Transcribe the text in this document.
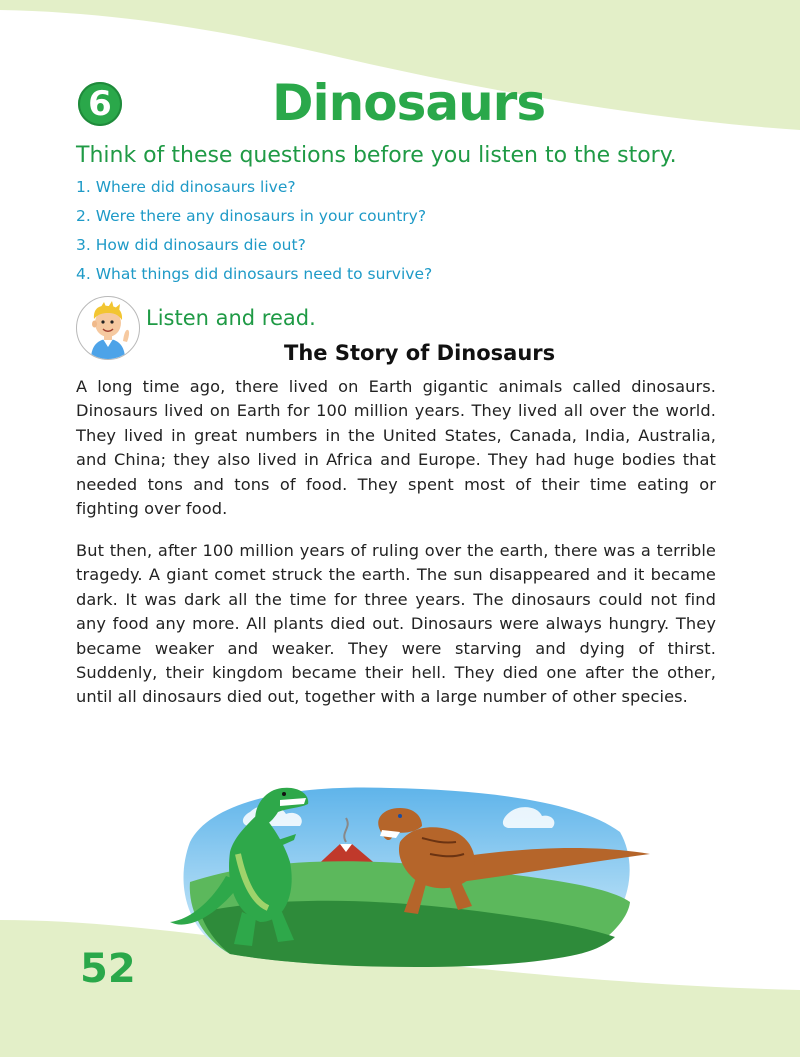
6	Dinosaurs
Think of these questions before you listen to the story.
1. Where did dinosaurs live?
2. Were there any dinosaurs in your country?
3. How did dinosaurs die out?
4. What things did dinosaurs need to survive?
Listen and read.
The Story of Dinosaurs

A long time ago, there lived on Earth gigantic animals called dinosaurs. Dinosaurs lived on Earth for 100 million years. They lived all over the world. They lived in great numbers in the United States, Canada, India, Australia, and China; they also lived in Africa and Europe. They had huge bodies that needed tons and tons of food. They spent most of their time eating or fighting over food.

But then, after 100 million years of ruling over the earth, there was a terrible tragedy. A giant comet struck the earth. The sun disappeared and it became dark. It was dark all the time for three years. The dinosaurs could not find any food any more. All plants died out. Dinosaurs were always hungry. They became weaker and weaker. They were starving and dying of thirst. Suddenly, their kingdom became their hell. They died one after the other, until all dinosaurs died out, together with a large number of other species.

52
